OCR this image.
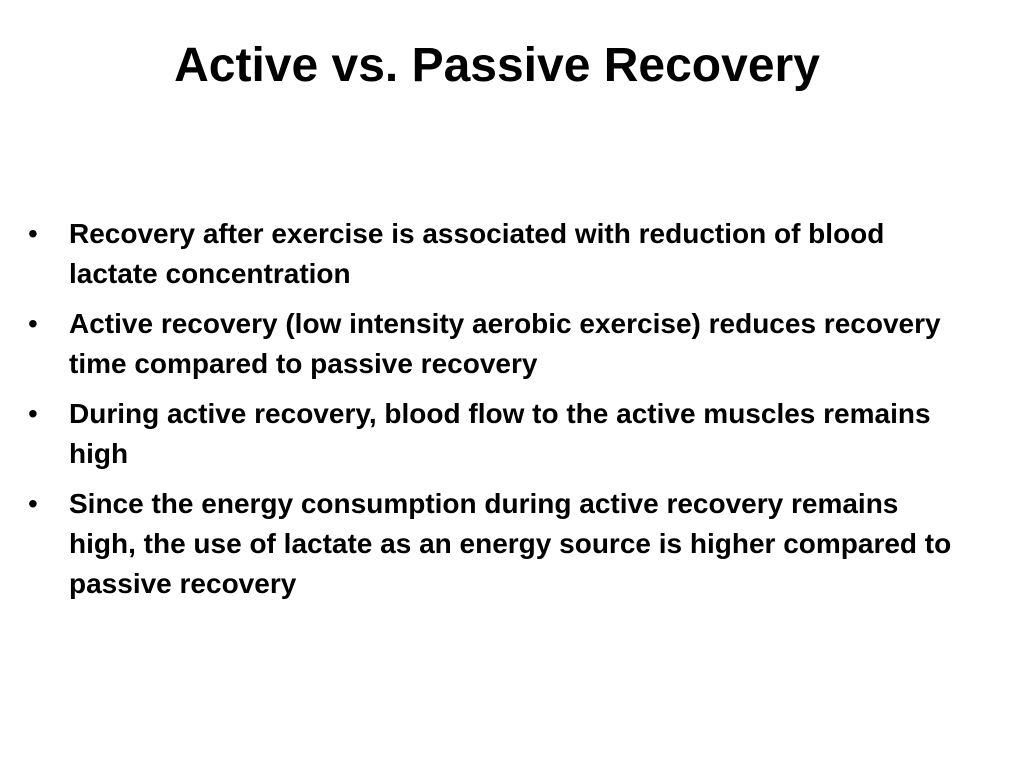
Active vs. Passive Recovery
•	Recovery after exercise is associated with reduction of blood lactate concentration
•	Active recovery (low intensity aerobic exercise) reduces recovery time compared to passive recovery
•	During active recovery, blood flow to the active muscles remains high
•	Since the energy consumption during active recovery remains high, the use of lactate as an energy source is higher compared to passive recovery
